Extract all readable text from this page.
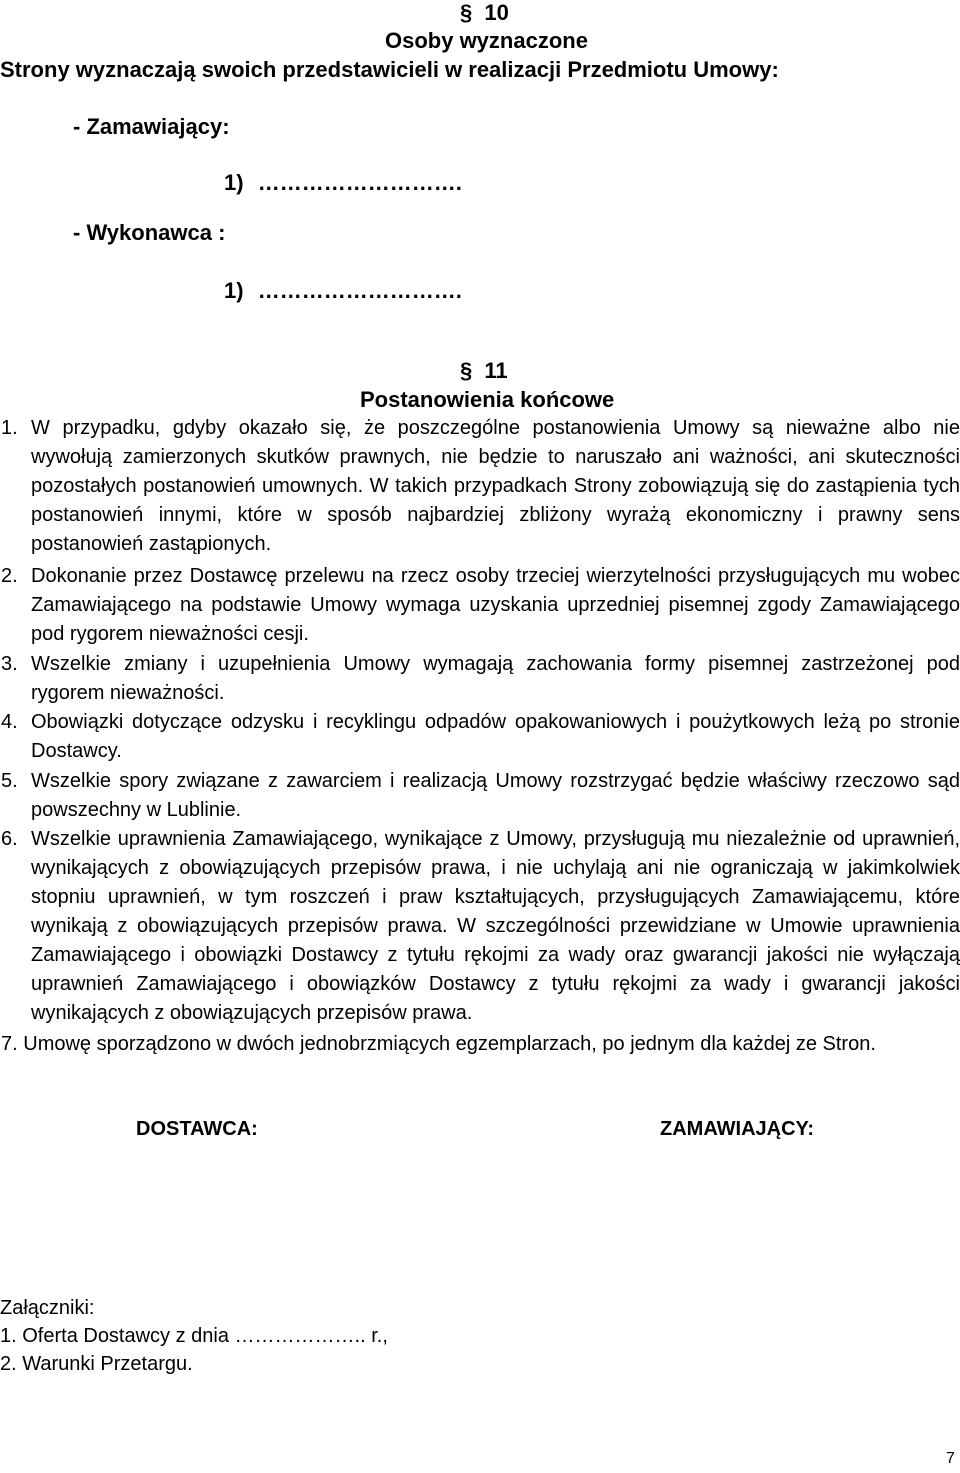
§ 10
Osoby wyznaczone
Strony wyznaczają swoich przedstawicieli w realizacji Przedmiotu Umowy:
- Zamawiający:
1) ……………………….
- Wykonawca :
1) ……………………….
§ 11
Postanowienia końcowe
1. W przypadku, gdyby okazało się, że poszczególne postanowienia Umowy są nieważne albo nie wywołują zamierzonych skutków prawnych, nie będzie to naruszało ani ważności, ani skuteczności pozostałych postanowień umownych. W takich przypadkach Strony zobowiązują się do zastąpienia tych postanowień innymi, które w sposób najbardziej zbliżony wyrażą ekonomiczny i prawny sens postanowień zastąpionych.
2. Dokonanie przez Dostawcę przelewu na rzecz osoby trzeciej wierzytelności przysługujących mu wobec Zamawiającego na podstawie Umowy wymaga uzyskania uprzedniej pisemnej zgody Zamawiającego pod rygorem nieważności cesji.
3. Wszelkie zmiany i uzupełnienia Umowy wymagają zachowania formy pisemnej zastrzeżonej pod rygorem nieważności.
4. Obowiązki dotyczące odzysku i recyklingu odpadów opakowaniowych i poużytkowych leżą po stronie Dostawcy.
5. Wszelkie spory związane z zawarciem i realizacją Umowy rozstrzygać będzie właściwy rzeczowo sąd powszechny w Lublinie.
6. Wszelkie uprawnienia Zamawiającego, wynikające z Umowy, przysługują mu niezależnie od uprawnień, wynikających z obowiązujących przepisów prawa, i nie uchylają ani nie ograniczają w jakimkolwiek stopniu uprawnień, w tym roszczeń i praw kształtujących, przysługujących Zamawiającemu, które wynikają z obowiązujących przepisów prawa. W szczególności przewidziane w Umowie uprawnienia Zamawiającego i obowiązki Dostawcy z tytułu rękojmi za wady oraz gwarancji jakości nie wyłączają uprawnień Zamawiającego i obowiązków Dostawcy z tytułu rękojmi za wady i gwarancji jakości wynikających z obowiązujących przepisów prawa.
7. Umowę sporządzono w dwóch jednobrzmiących egzemplarzach, po jednym dla każdej ze Stron.
DOSTAWCA:	ZAMAWIAJĄCY:
Załączniki:
1. Oferta Dostawcy z dnia ……………….. r.,
2. Warunki Przetargu.
7
